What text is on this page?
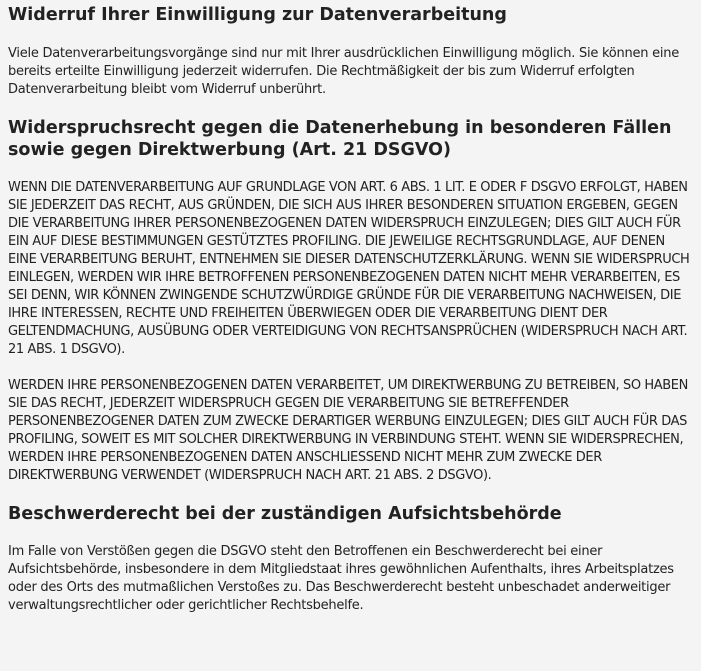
Widerruf Ihrer Einwilligung zur Datenverarbeitung

Viele Datenverarbeitungsvorgänge sind nur mit Ihrer ausdrücklichen Einwilligung möglich. Sie können eine bereits erteilte Einwilligung jederzeit widerrufen. Die Rechtmäßigkeit der bis zum Widerruf erfolgten Datenverarbeitung bleibt vom Widerruf unberührt.

Widerspruchsrecht gegen die Datenerhebung in besonderen Fällen sowie gegen Direktwerbung (Art. 21 DSGVO)

WENN DIE DATENVERARBEITUNG AUF GRUNDLAGE VON ART. 6 ABS. 1 LIT. E ODER F DSGVO ERFOLGT, HABEN SIE JEDERZEIT DAS RECHT, AUS GRÜNDEN, DIE SICH AUS IHRER BESONDEREN SITUATION ERGEBEN, GEGEN DIE VERARBEITUNG IHRER PERSONENBEZOGENEN DATEN WIDERSPRUCH EINZULEGEN; DIES GILT AUCH FÜR EIN AUF DIESE BESTIMMUNGEN GESTÜTZTES PROFILING. DIE JEWEILIGE RECHTSGRUNDLAGE, AUF DENEN EINE VERARBEITUNG BERUHT, ENTNEHMEN SIE DIESER DATENSCHUTZERKLÄRUNG. WENN SIE WIDERSPRUCH EINLEGEN, WERDEN WIR IHRE BETROFFENEN PERSONENBEZOGENEN DATEN NICHT MEHR VERARBEITEN, ES SEI DENN, WIR KÖNNEN ZWINGENDE SCHUTZWÜRDIGE GRÜNDE FÜR DIE VERARBEITUNG NACHWEISEN, DIE IHRE INTERESSEN, RECHTE UND FREIHEITEN ÜBERWIEGEN ODER DIE VERARBEITUNG DIENT DER GELTENDMACHUNG, AUSÜBUNG ODER VERTEIDIGUNG VON RECHTSANSPRÜCHEN (WIDERSPRUCH NACH ART. 21 ABS. 1 DSGVO).

WERDEN IHRE PERSONENBEZOGENEN DATEN VERARBEITET, UM DIREKTWERBUNG ZU BETREIBEN, SO HABEN SIE DAS RECHT, JEDERZEIT WIDERSPRUCH GEGEN DIE VERARBEITUNG SIE BETREFFENDER PERSONENBEZOGENER DATEN ZUM ZWECKE DERARTIGER WERBUNG EINZULEGEN; DIES GILT AUCH FÜR DAS PROFILING, SOWEIT ES MIT SOLCHER DIREKTWERBUNG IN VERBINDUNG STEHT. WENN SIE WIDERSPRECHEN, WERDEN IHRE PERSONENBEZOGENEN DATEN ANSCHLIESSEND NICHT MEHR ZUM ZWECKE DER DIREKTWERBUNG VERWENDET (WIDERSPRUCH NACH ART. 21 ABS. 2 DSGVO).

Beschwerderecht bei der zuständigen Aufsichtsbehörde

Im Falle von Verstößen gegen die DSGVO steht den Betroffenen ein Beschwerderecht bei einer Aufsichtsbehörde, insbesondere in dem Mitgliedstaat ihres gewöhnlichen Aufenthalts, ihres Arbeitsplatzes oder des Orts des mutmaßlichen Verstoßes zu. Das Beschwerderecht besteht unbeschadet anderweitiger verwaltungsrechtlicher oder gerichtlicher Rechtsbehelfe.
